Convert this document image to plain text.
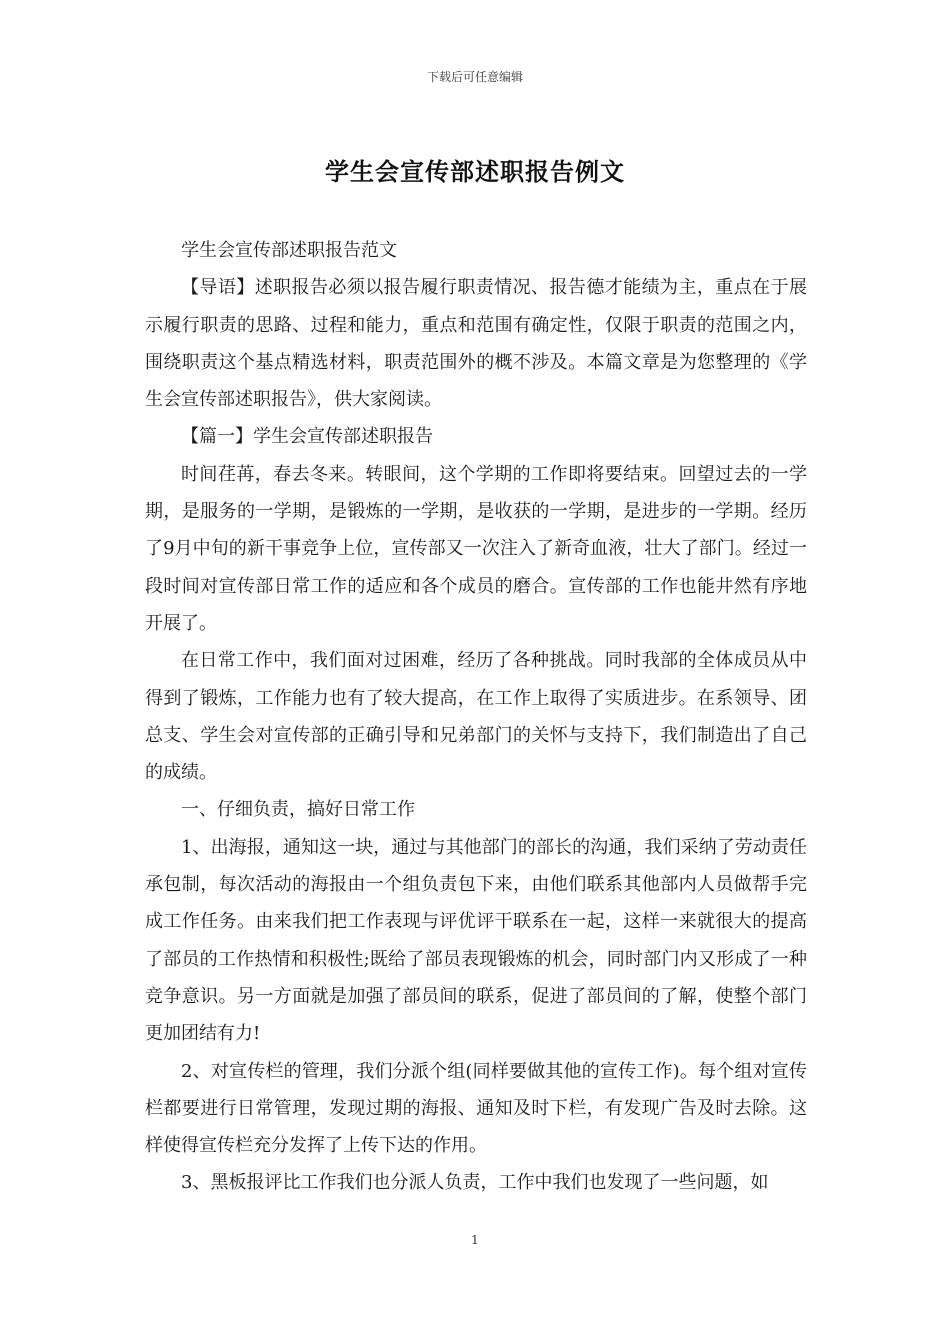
下载后可任意编辑
学生会宣传部述职报告例文

学生会宣传部述职报告范文

【导语】述职报告必须以报告履行职责情况、报告德才能绩为主，重点在于展示履行职责的思路、过程和能力，重点和范围有确定性，仅限于职责的范围之内，围绕职责这个基点精选材料，职责范围外的概不涉及。本篇文章是为您整理的《学生会宣传部述职报告》，供大家阅读。

【篇一】学生会宣传部述职报告

时间荏苒，春去冬来。转眼间，这个学期的工作即将要结束。回望过去的一学期，是服务的一学期，是锻炼的一学期，是收获的一学期，是进步的一学期。经历了9月中旬的新干事竞争上位，宣传部又一次注入了新奇血液，壮大了部门。经过一段时间对宣传部日常工作的适应和各个成员的磨合。宣传部的工作也能井然有序地开展了。

在日常工作中，我们面对过困难，经历了各种挑战。同时我部的全体成员从中得到了锻炼，工作能力也有了较大提高，在工作上取得了实质进步。在系领导、团总支、学生会对宣传部的正确引导和兄弟部门的关怀与支持下，我们制造出了自己的成绩。

一、仔细负责，搞好日常工作

1、出海报，通知这一块，通过与其他部门的部长的沟通，我们采纳了劳动责任承包制，每次活动的海报由一个组负责包下来，由他们联系其他部内人员做帮手完成工作任务。由来我们把工作表现与评优评干联系在一起，这样一来就很大的提高了部员的工作热情和积极性;既给了部员表现锻炼的机会，同时部门内又形成了一种竞争意识。另一方面就是加强了部员间的联系，促进了部员间的了解，使整个部门更加团结有力!

2、对宣传栏的管理，我们分派个组(同样要做其他的宣传工作)。每个组对宣传栏都要进行日常管理，发现过期的海报、通知及时下栏，有发现广告及时去除。这样使得宣传栏充分发挥了上传下达的作用。

3、黑板报评比工作我们也分派人负责，工作中我们也发现了一些问题，如

1
